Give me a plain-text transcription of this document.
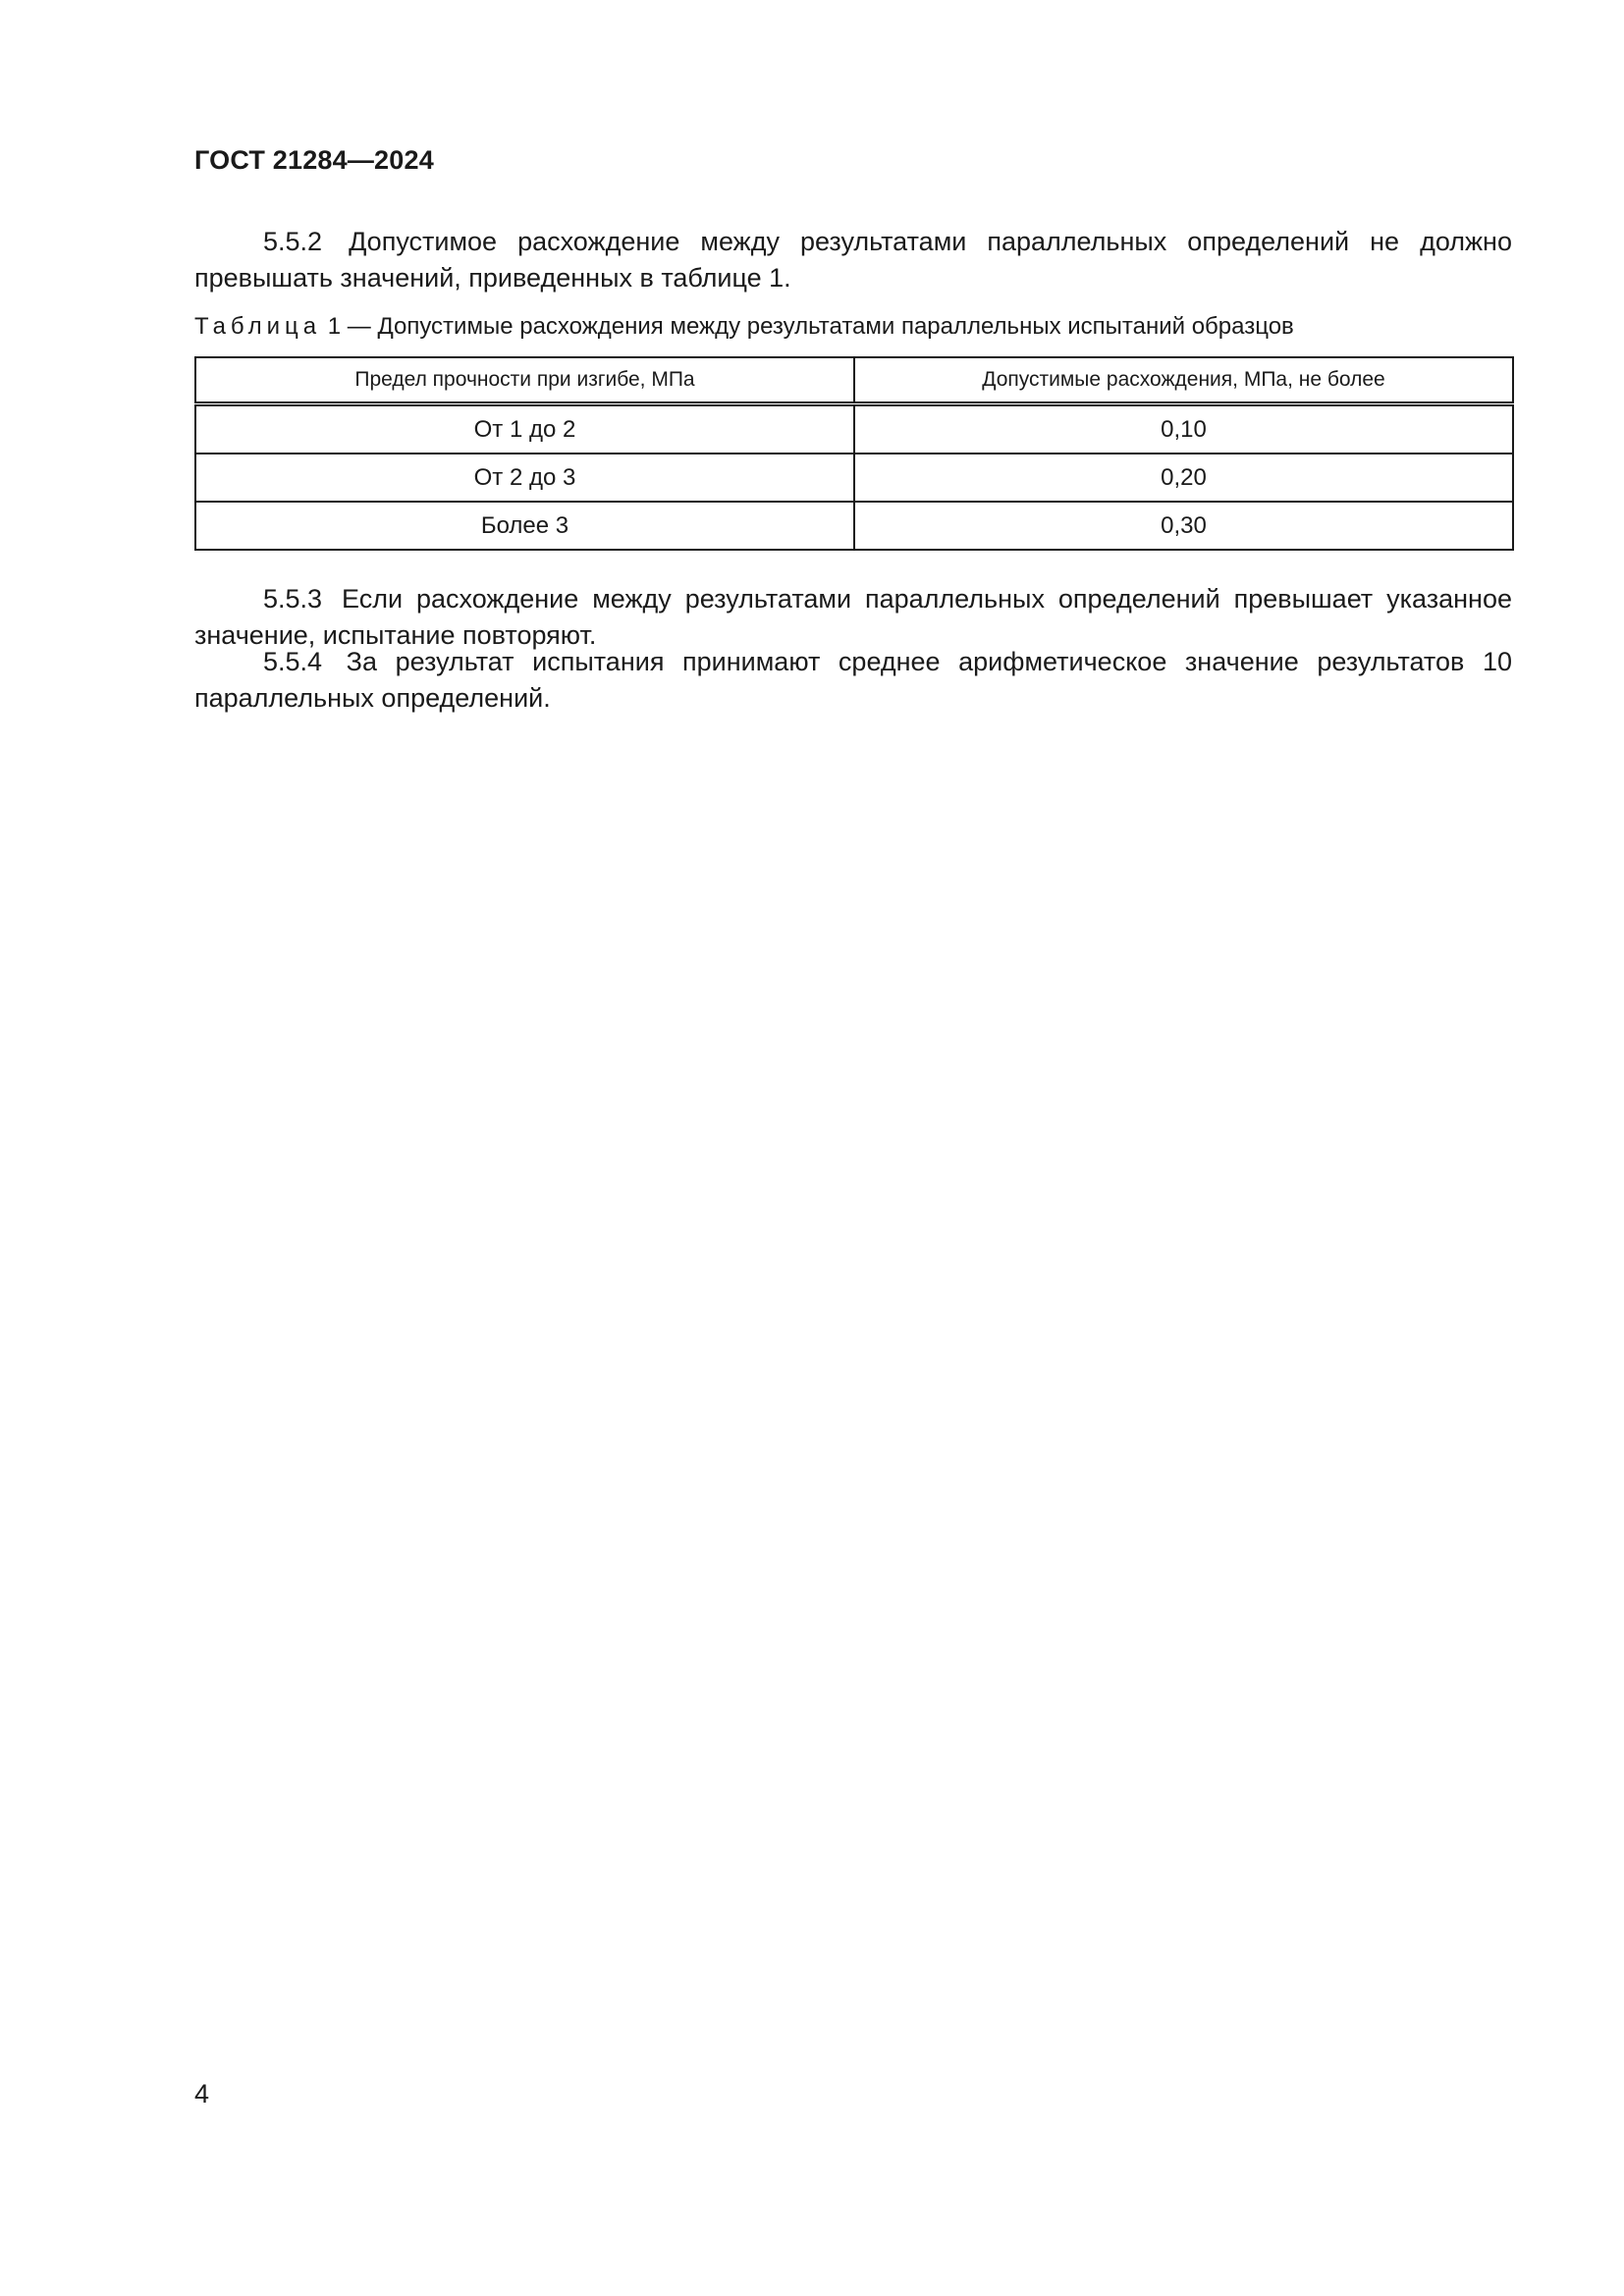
ГОСТ 21284—2024

5.5.2 Допустимое расхождение между результатами параллельных определений не должно превышать значений, приведенных в таблице 1.

Таблица 1 — Допустимые расхождения между результатами параллельных испытаний образцов
Предел прочности при изгибе, МПа	Допустимые расхождения, МПа, не более
От 1 до 2	0,10
От 2 до 3	0,20
Более 3	0,30

5.5.3 Если расхождение между результатами параллельных определений превышает указанное значение, испытание повторяют.

5.5.4 За результат испытания принимают среднее арифметическое значение результатов 10 параллельных определений.

4
